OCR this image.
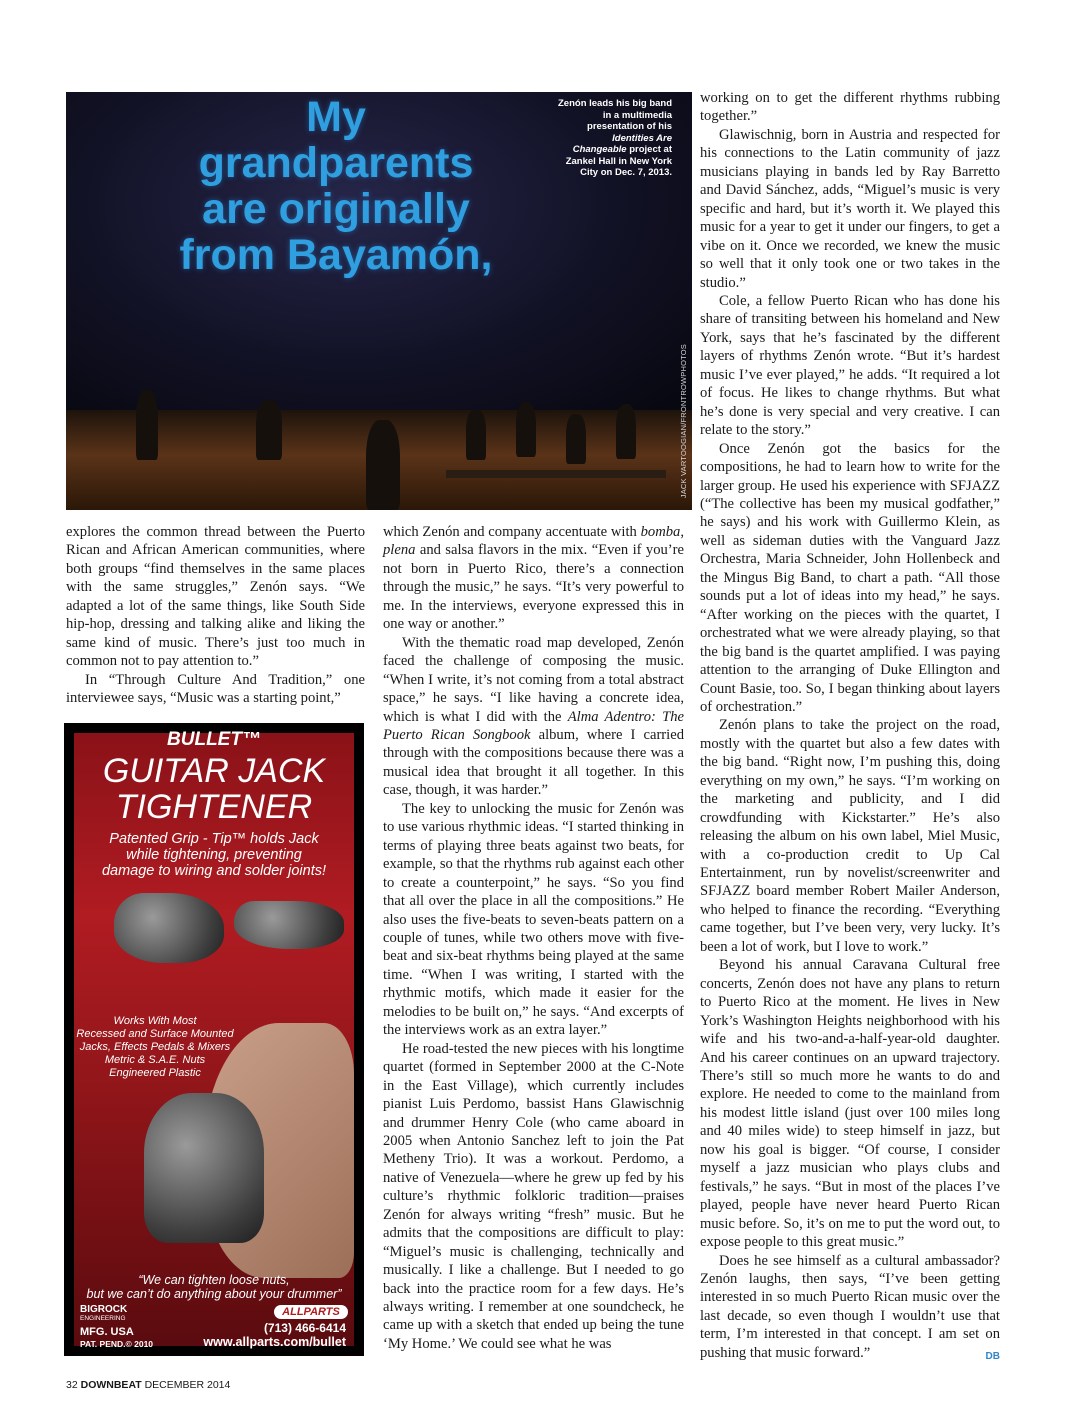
My
grandparents
are originally
from Bayamón,
Zenón leads his big band in a multimedia presentation of his Identities Are Changeable project at Zankel Hall in New York City on Dec. 7, 2013.
JACK VARTOOGIAN/FRONTROWPHOTOS

explores the common thread between the Puerto Rican and African American communities, where both groups “find themselves in the same places with the same struggles,” Zenón says. “We adapted a lot of the same things, like South Side hip-hop, dressing and talking alike and liking the same kind of music. There’s just too much in common not to pay attention to.”

In “Through Culture And Tradition,” one interviewee says, “Music was a starting point,”

BULLET™
GUITAR JACK
TIGHTENER
Patented Grip - Tip™ holds Jack
while tightening, preventing
damage to wiring and solder joints!
Works With Most
Recessed and Surface Mounted
Jacks, Effects Pedals & Mixers
Metric & S.A.E. Nuts
Engineered Plastic
“We can tighten loose nuts,
but we can’t do anything about your drummer”
BIGROCK
ENGINEERING
MFG. USA
PAT. PEND.© 2010
ALLPARTS
(713) 466-6414
www.allparts.com/bullet

which Zenón and company accentuate with bomba, plena and salsa flavors in the mix. “Even if you’re not born in Puerto Rico, there’s a connection through the music,” he says. “It’s very powerful to me. In the interviews, everyone expressed this in one way or another.”

With the thematic road map developed, Zenón faced the challenge of composing the music. “When I write, it’s not coming from a total abstract space,” he says. “I like having a concrete idea, which is what I did with the Alma Adentro: The Puerto Rican Songbook album, where I carried through with the compositions because there was a musical idea that brought it all together. In this case, though, it was harder.”

The key to unlocking the music for Zenón was to use various rhythmic ideas. “I started thinking in terms of playing three beats against two beats, for example, so that the rhythms rub against each other to create a counterpoint,” he says. “So you find that all over the place in all the compositions.” He also uses the five-beats to seven-beats pattern on a couple of tunes, while two others move with five-beat and six-beat rhythms being played at the same time. “When I was writing, I started with the rhythmic motifs, which made it easier for the melodies to be built on,” he says. “And excerpts of the interviews work as an extra layer.”

He road-tested the new pieces with his longtime quartet (formed in September 2000 at the C-Note in the East Village), which currently includes pianist Luis Perdomo, bassist Hans Glawischnig and drummer Henry Cole (who came aboard in 2005 when Antonio Sanchez left to join the Pat Metheny Trio). It was a workout. Perdomo, a native of Venezuela—where he grew up fed by his culture’s rhythmic folkloric tradition—praises Zenón for always writing “fresh” music. But he admits that the compositions are difficult to play: “Miguel’s music is challenging, technically and musically. I like a challenge. But I needed to go back into the practice room for a few days. He’s always writing. I remember at one soundcheck, he came up with a sketch that ended up being the tune ‘My Home.’ We could see what he was

working on to get the different rhythms rubbing together.”

Glawischnig, born in Austria and respected for his connections to the Latin community of jazz musicians playing in bands led by Ray Barretto and David Sánchez, adds, “Miguel’s music is very specific and hard, but it’s worth it. We played this music for a year to get it under our fingers, to get a vibe on it. Once we recorded, we knew the music so well that it only took one or two takes in the studio.”

Cole, a fellow Puerto Rican who has done his share of transiting between his homeland and New York, says that he’s fascinated by the different layers of rhythms Zenón wrote. “But it’s hardest music I’ve ever played,” he adds. “It required a lot of focus. He likes to change rhythms. But what he’s done is very special and very creative. I can relate to the story.”

Once Zenón got the basics for the compositions, he had to learn how to write for the larger group. He used his experience with SFJAZZ (“The collective has been my musical godfather,” he says) and his work with Guillermo Klein, as well as sideman duties with the Vanguard Jazz Orchestra, Maria Schneider, John Hollenbeck and the Mingus Big Band, to chart a path. “All those sounds put a lot of ideas into my head,” he says. “After working on the pieces with the quartet, I orchestrated what we were already playing, so that the big band is the quartet amplified. I was paying attention to the arranging of Duke Ellington and Count Basie, too. So, I began thinking about layers of orchestration.”

Zenón plans to take the project on the road, mostly with the quartet but also a few dates with the big band. “Right now, I’m pushing this, doing everything on my own,” he says. “I’m working on the marketing and publicity, and I did crowdfunding with Kickstarter.” He’s also releasing the album on his own label, Miel Music, with a co-production credit to Up Cal Entertainment, run by novelist/screenwriter and SFJAZZ board member Robert Mailer Anderson, who helped to finance the recording. “Everything came together, but I’ve been very, very lucky. It’s been a lot of work, but I love to work.”

Beyond his annual Caravana Cultural free concerts, Zenón does not have any plans to return to Puerto Rico at the moment. He lives in New York’s Washington Heights neighborhood with his wife and his two-and-a-half-year-old daughter. And his career continues on an upward trajectory. There’s still so much more he wants to do and explore. He needed to come to the mainland from his modest little island (just over 100 miles long and 40 miles wide) to steep himself in jazz, but now his goal is bigger. “Of course, I consider myself a jazz musician who plays clubs and festivals,” he says. “But in most of the places I’ve played, people have never heard Puerto Rican music before. So, it’s on me to put the word out, to expose people to this great music.”

Does he see himself as a cultural ambassador? Zenón laughs, then says, “I’ve been getting interested in so much Puerto Rican music over the last decade, so even though I wouldn’t use that term, I’m interested in that concept. I am set on pushing that music forward.”	DB

32 DOWNBEAT DECEMBER 2014
